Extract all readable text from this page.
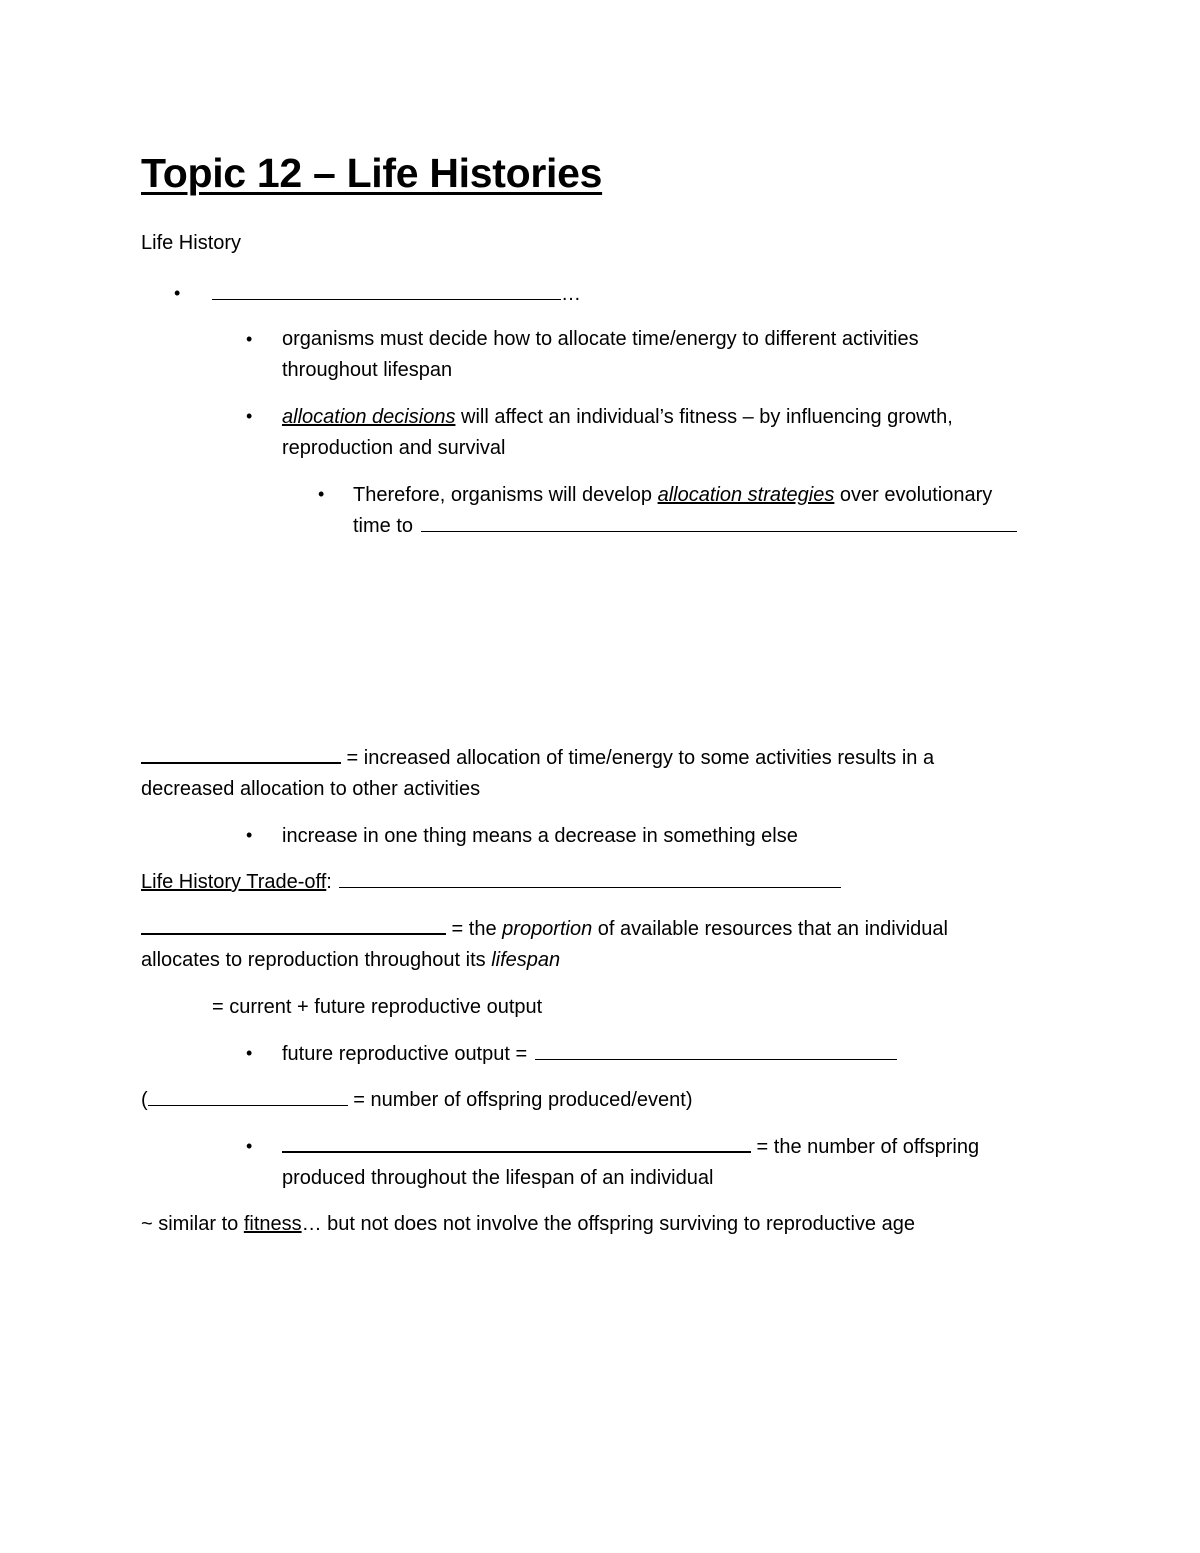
Topic 12 – Life Histories
Life History
•	…
• organisms must decide how to allocate time/energy to different activities
throughout lifespan
• allocation decisions will affect an individual’s fitness – by influencing growth,
reproduction and survival
• Therefore, organisms will develop allocation strategies over evolutionary
time to
= increased allocation of time/energy to some activities results in a
decreased allocation to other activities
• increase in one thing means a decrease in something else
Life History Trade-off:
= the proportion of available resources that an individual
allocates to reproduction throughout its lifespan
= current + future reproductive output
• future reproductive output =
(	= number of offspring produced/event)
•	= the number of offspring
produced throughout the lifespan of an individual
~ similar to fitness… but not does not involve the offspring surviving to reproductive age
